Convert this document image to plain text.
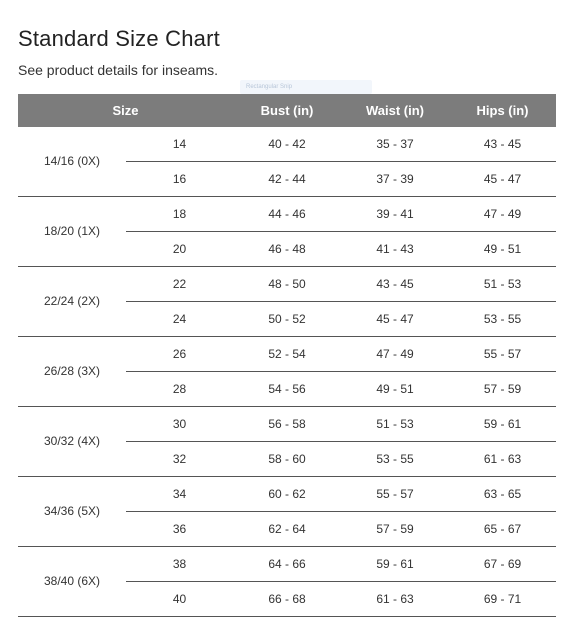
Standard Size Chart
See product details for inseams.
Rectangular Snip
Size	Bust (in)	Waist (in)	Hips (in)
14/16 (0X)
14	40 - 42	35 - 37	43 - 45
16	42 - 44	37 - 39	45 - 47
18/20 (1X)
18	44 - 46	39 - 41	47 - 49
20	46 - 48	41 - 43	49 - 51
22/24 (2X)
22	48 - 50	43 - 45	51 - 53
24	50 - 52	45 - 47	53 - 55
26/28 (3X)
26	52 - 54	47 - 49	55 - 57
28	54 - 56	49 - 51	57 - 59
30/32 (4X)
30	56 - 58	51 - 53	59 - 61
32	58 - 60	53 - 55	61 - 63
34/36 (5X)
34	60 - 62	55 - 57	63 - 65
36	62 - 64	57 - 59	65 - 67
38/40 (6X)
38	64 - 66	59 - 61	67 - 69
40	66 - 68	61 - 63	69 - 71
